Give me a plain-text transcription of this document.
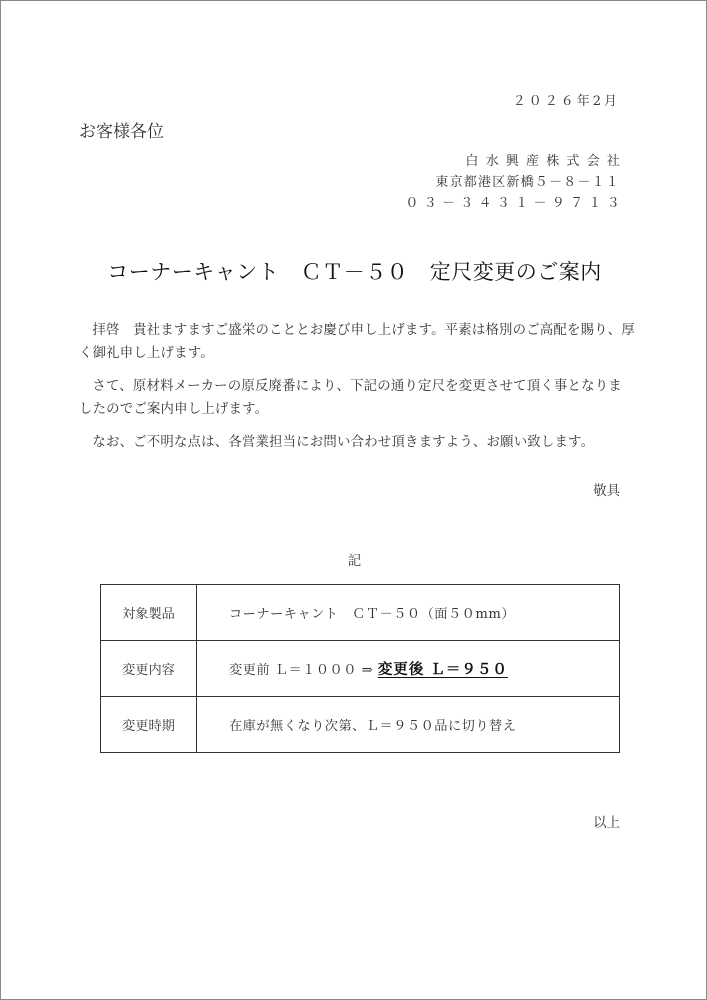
２０２６年2月
お客様各位
白水興産株式会社
東京都港区新橋５－８－１１
０３－３４３１－９７１３
コーナーキャント　ＣＴ－５０　定尺変更のご案内
拝啓　貴社ますますご盛栄のこととお慶び申し上げます。平素は格別のご高配を賜り、厚く御礼申し上げます。
さて、原材料メーカーの原反廃番により、下記の通り定尺を変更させて頂く事となりましたのでご案内申し上げます。
なお、ご不明な点は、各営業担当にお問い合わせ頂きますよう、お願い致します。
敬具
記
対象製品	コーナーキャント　ＣＴ－５０（面５０mm）
変更内容	変更前 Ｌ＝１０００ ⇒ 変更後 Ｌ＝９５０
変更時期	在庫が無くなり次第、Ｌ＝９５０品に切り替え
以上
